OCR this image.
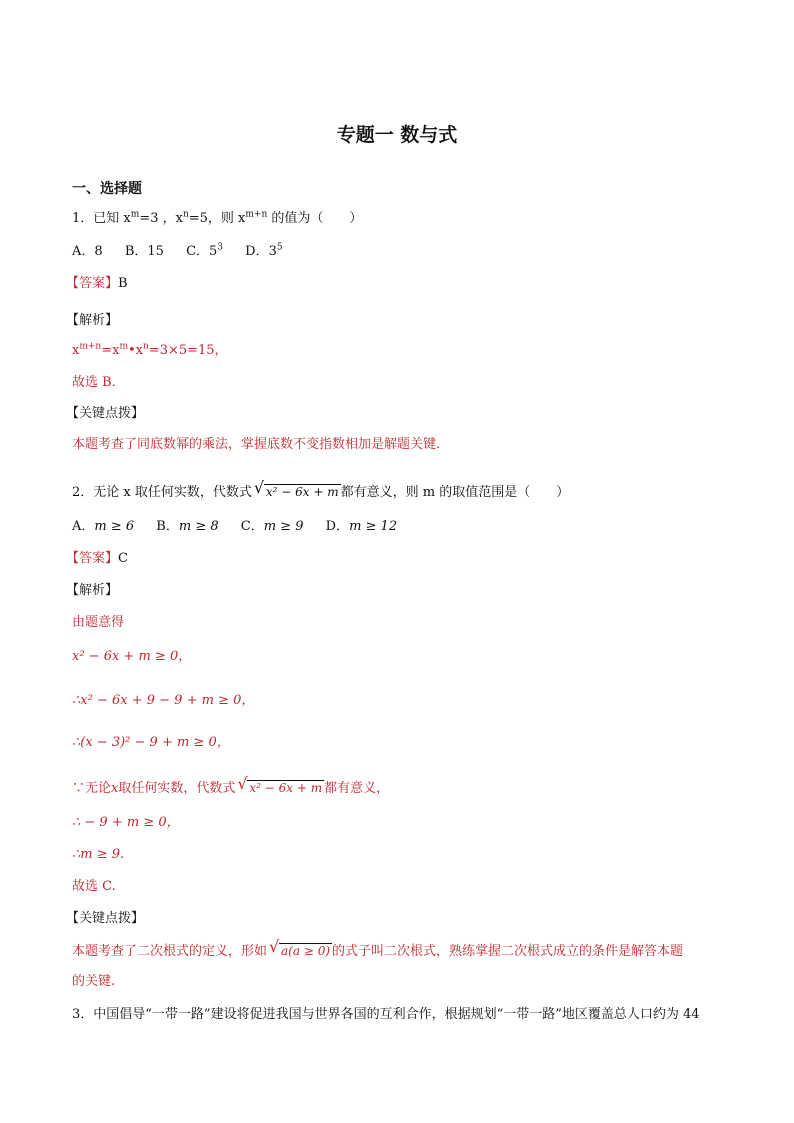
专题一 数与式
一、选择题
1．已知 $x^m=3$ ，$x^n=5$，则 $x^{m+n}$ 的值为（　　）
A．8 B．15 C．$5^3$ D．$3^5$
【答案】B
【解析】
$x^{m+n}=x^m•x^n=3\times 5=15$，
故选 B．
【关键点拨】
本题考查了同底数幂的乘法，掌握底数不变指数相加是解题关键．
2．无论 x 取任何实数，代数式 √ x² − 6x + m 都有意义，则 m 的取值范围是（　　）
A．m ≥ 6 B．m ≥ 8 C．m ≥ 9 D．m ≥ 12
【答案】C
【解析】
由题意得
x² − 6x + m ≥ 0，
∴x² − 6x + 9 − 9 + m ≥ 0，
∴(x − 3)² − 9 + m ≥ 0，
∵无论x取任何实数，代数式 √ x² − 6x + m 都有意义，
∴ − 9 + m ≥ 0，
∴m ≥ 9.
故选 C.
【关键点拨】
本题考查了二次根式的定义，形如 √ a(a ≥ 0) 的式子叫二次根式，熟练掌握二次根式成立的条件是解答本题
的关键.
3．中国倡导“一带一路”建设将促进我国与世界各国的互利合作，根据规划“一带一路”地区覆盖总人口约为 44
